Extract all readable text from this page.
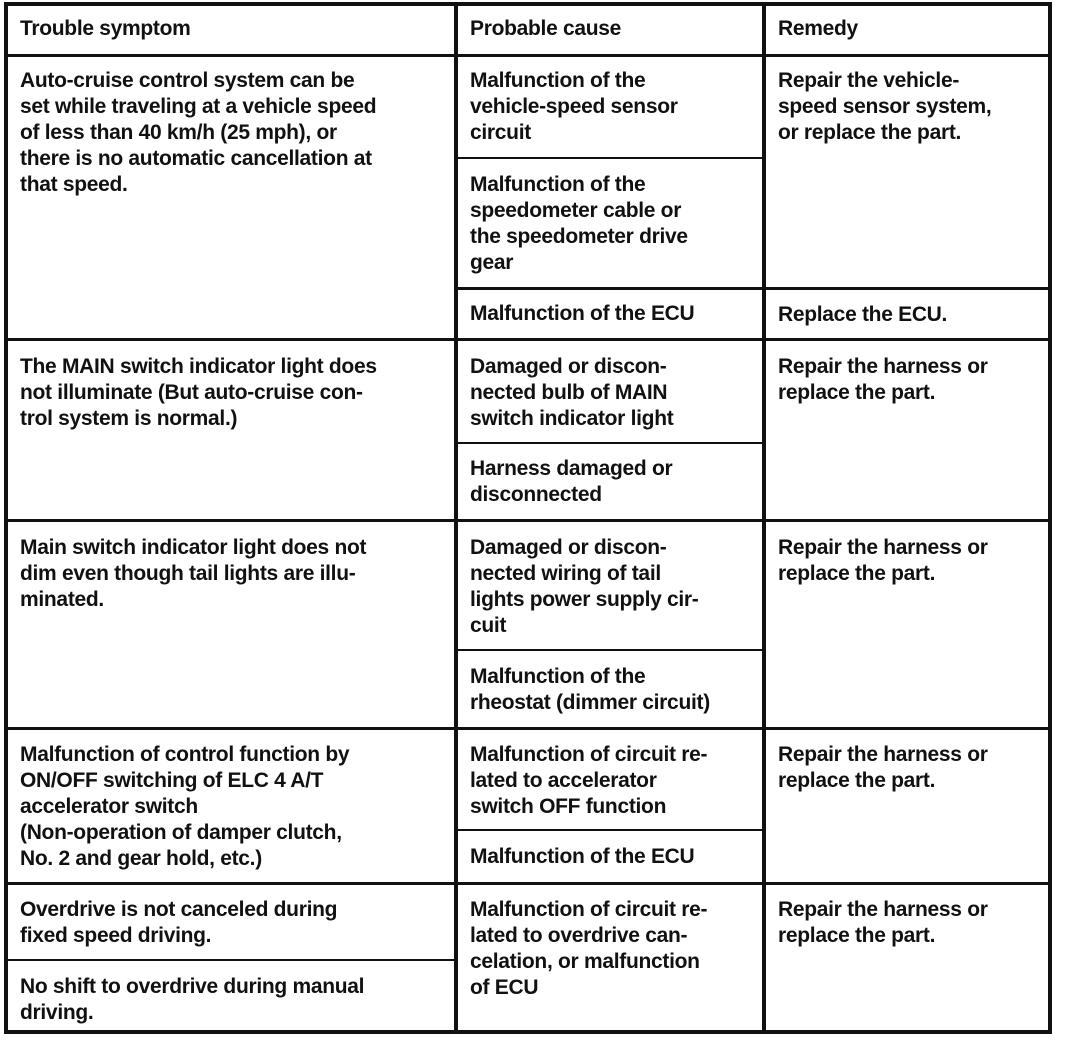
Trouble symptom	Probable cause	Remedy
Auto-cruise control system can be
set while traveling at a vehicle speed
of less than 40 km/h (25 mph), or
there is no automatic cancellation at
that speed.
Malfunction of the
vehicle-speed sensor
circuit
Malfunction of the
speedometer cable or
the speedometer drive
gear
Malfunction of the ECU
Repair the vehicle-
speed sensor system,
or replace the part.
Replace the ECU.
The MAIN switch indicator light does
not illuminate (But auto-cruise con-
trol system is normal.)
Damaged or discon-
nected bulb of MAIN
switch indicator light
Harness damaged or
disconnected
Repair the harness or
replace the part.
Main switch indicator light does not
dim even though tail lights are illu-
minated.
Damaged or discon-
nected wiring of tail
lights power supply cir-
cuit
Malfunction of the
rheostat (dimmer circuit)
Repair the harness or
replace the part.
Malfunction of control function by
ON/OFF switching of ELC 4 A/T
accelerator switch
(Non-operation of damper clutch,
No. 2 and gear hold, etc.)
Malfunction of circuit re-
lated to accelerator
switch OFF function
Malfunction of the ECU
Repair the harness or
replace the part.
Overdrive is not canceled during
fixed speed driving.
No shift to overdrive during manual
driving.
Malfunction of circuit re-
lated to overdrive can-
celation, or malfunction
of ECU
Repair the harness or
replace the part.
